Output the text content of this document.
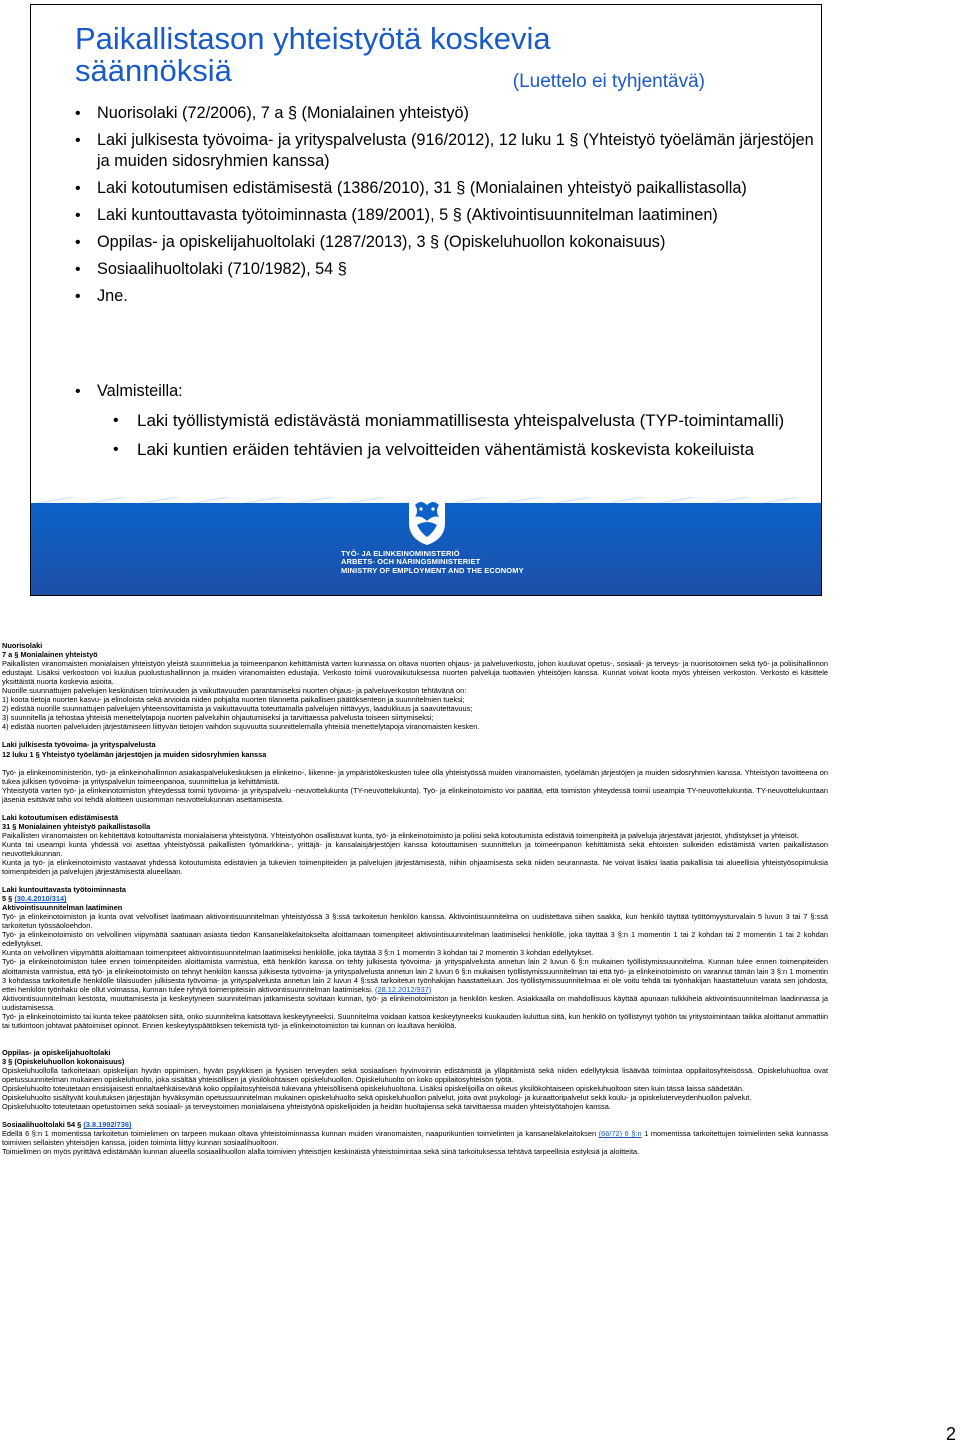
Paikallistason yhteistyötä koskevia
säännöksiä	(Luettelo ei tyhjentävä)
• Nuorisolaki (72/2006), 7 a § (Monialainen yhteistyö)
• Laki julkisesta työvoima- ja yrityspalvelusta (916/2012), 12 luku 1 § (Yhteistyö työelämän järjestöjen ja muiden sidosryhmien kanssa)
• Laki kotoutumisen edistämisestä (1386/2010), 31 § (Monialainen yhteistyö paikallistasolla)
• Laki kuntouttavasta työtoiminnasta (189/2001), 5 § (Aktivointisuunnitelman laatiminen)
• Oppilas- ja opiskelijahuoltolaki (1287/2013), 3 § (Opiskeluhuollon kokonaisuus)
• Sosiaalihuoltolaki (710/1982), 54 §
• Jne.
• Valmisteilla:
• Laki työllistymistä edistävästä moniammatillisesta yhteispalvelusta (TYP-toimintamalli)
• Laki kuntien eräiden tehtävien ja velvoitteiden vähentämistä koskevista kokeiluista
TYÖ- JA ELINKEINOMINISTERIÖ
ARBETS- OCH NÄRINGSMINISTERIET
MINISTRY OF EMPLOYMENT AND THE ECONOMY

Nuorisolaki

7 a § Monialainen yhteistyö

Paikallisten viranomaisten monialaisen yhteistyön yleistä suunnittelua ja toimeenpanon kehittämistä varten kunnassa on oltava nuorten ohjaus- ja palveluverkosto, johon kuuluvat opetus-, sosiaali- ja terveys- ja nuorisotoimen sekä työ- ja poliisihallinnon edustajat. Lisäksi verkostoon voi kuulua puolustushallinnon ja muiden viranomaisten edustajia. Verkosto toimii vuorovaikutuksessa nuorten palveluja tuottavien yhteisöjen kanssa. Kunnat voivat koota myös yhteisen verkoston. Verkosto ei käsittele yksittäistä nuorta koskevia asioita.

Nuorille suunnattujen palvelujen keskinäisen toimivuuden ja vaikuttavuuden parantamiseksi nuorten ohjaus- ja palveluverkoston tehtävänä on:

1) koota tietoja nuorten kasvu- ja elinoloista sekä arvioida niiden pohjalta nuorten tilannetta paikallisen päätöksenteon ja suunnitelmien tueksi;

2) edistää nuorille suunnattujen palvelujen yhteensovittamista ja vaikuttavuutta toteuttamalla palvelujen riittävyys, laadukkuus ja saavutettavuus;

3) suunnitella ja tehostaa yhteisiä menettelytapoja nuorten palveluihin ohjautumiseksi ja tarvittaessa palvelusta toiseen siirtymiseksi;

4) edistää nuorten palveluiden järjestämiseen liittyvän tietojen vaihdon sujuvuutta suunnittelemalla yhteisiä menettelytapoja viranomaisten kesken.

Laki julkisesta työvoima- ja yrityspalvelusta

12 luku 1 § Yhteistyö työelämän järjestöjen ja muiden sidosryhmien kanssa

Työ- ja elinkeinoministeriön, työ- ja elinkeinohallinnon asiakaspalvelukeskuksen ja elinkeino-, liikenne- ja ympäristökeskusten tulee olla yhteistyössä muiden viranomaisten, työelämän järjestöjen ja muiden sidosryhmien kanssa. Yhteistyön tavoitteena on tukea julkisen työvoima- ja yrityspalvelun toimeenpanoa, suunnittelua ja kehittämistä.

Yhteistyötä varten työ- ja elinkeinotoimiston yhteydessä toimii työvoima- ja yrityspalvelu -neuvottelukunta (TY-neuvottelukunta). Työ- ja elinkeinotoimisto voi päättää, että toimiston yhteydessä toimii useampia TY-neuvottelukuntia. TY-neuvottelukuntaan jäseniä esittävät taho voi tehdä aloitteen uusiomman neuvottelukunnan asettamisesta.

Laki kotoutumisen edistämisestä

31 § Monialainen yhteistyö paikallistasolla

Paikallisten viranomaisten on kehitettävä kotouttamista monialaisena yhteistyönä. Yhteistyöhön osallistuvat kunta, työ- ja elinkeinotoimisto ja poliisi sekä kotoutumista edistäviä toimenpiteitä ja palveluja järjestävät järjestöt, yhdistykset ja yhteisöt.

Kunta tai useampi kunta yhdessä voi asettaa yhteistyössä paikallisten työmarkkina-, yrittäjä- ja kansalaisjärjestöjen kanssa kotouttamisen suunnittelun ja toimeenpanon kehittämistä sekä ehtoisten sulkeiden edistämistä varten paikallistason neuvottelukunnan.

Kunta ja työ- ja elinkeinotoimisto vastaavat yhdessä kotoutumista edistävien ja tukevien toimenpiteiden ja palvelujen järjestämisestä, niihin ohjaamisesta sekä niiden seurannasta. Ne voivat lisäksi laatia paikallisia tai alueellisia yhteistyösopimuksia toimenpiteiden ja palvelujen järjestämisestä alueellaan.

Laki kuntouttavasta työtoiminnasta

5 § (30.4.2010/314)

Aktivointisuunnitelman laatiminen

Työ- ja elinkeinotoimiston ja kunta ovat velvolliset laatimaan aktivointisuunnitelman yhteistyössä 3 §:ssä tarkoitetun henkilön kanssa. Aktivointisuunnitelma on uudistettava siihen saakka, kun henkilö täyttää työttömyysturvalain 5 luvun 3 tai 7 §:ssä tarkoitetun työssäoloehdon.

Työ- ja elinkeinotoimisto on velvollinen viipymättä saatuaan asiasta tiedon Kansaneläkelaitokselta aloittamaan toimenpiteet aktivointisuunnitelman laatimiseksi henkilölle, joka täyttää 3 §:n 1 momentin 1 tai 2 kohdan tai 2 momentin 1 tai 2 kohdan edellytykset.

Kunta on velvollinen viipymättä aloittamaan toimenpiteet aktivointisuunnitelman laatimiseksi henkilölle, joka täyttää 3 §:n 1 momentin 3 kohdan tai 2 momentin 3 kohdan edellytykset.

Työ- ja elinkeinotoimiston tulee ennen toimenpiteiden aloittamista varmistua, että henkilön kanssa on tehty julkisesta työvoima- ja yrityspalvelusta annetun lain 2 luvun 6 §:n mukainen työllistymissuunnitelma. Kunnan tulee ennen toimenpiteiden aloittamista varmistua, että työ- ja elinkeinotoimisto on tehnyt henkilön kanssa julkisesta työvoima- ja yrityspalvelusta annetun lain 2 luvun 6 §:n mukaisen työllistymissuunnitelman tai että työ- ja elinkeinotoimisto on varannut tämän lain 3 §:n 1 momentin 3 kohdassa tarkoitetulle henkilölle tilaisuuden julkisesta työvoima- ja yrityspalvelusta annetun lain 2 luvun 4 §:ssä tarkoitetun työnhakijan haastatteluun. Jos työllistymissuunnitelmaa ei ole voitu tehdä tai työnhakijan haastatteluun varata sen johdosta, ettei henkilön työnhaku ole ollut voimassa, kunnan tulee ryhtyä toimenpiteisiin aktivointisuunnitelman laatimiseksi. (28.12.2012/937)

Aktivointisuunnitelman kestosta, muuttamisesta ja keskeytyneen suunnitelman jatkamisesta sovitaan kunnan, työ- ja elinkeinotoimiston ja henkilön kesken. Asiakkaalla on mahdollisuus käyttää apunaan tulkkiheiä aktivointisuunnitelman laadinnassa ja uudistamisessa.

Työ- ja elinkeinotoimisto tai kunta tekee päätöksen siitä, onko suunnitelma katsottava keskeytyneeksi. Suunnitelma voidaan katsoa keskeytyneeksi kuukauden kuluttua siitä, kun henkilö on työllistynyt työhön tai yritystoimintaan taikka aloittanut ammattiin tai tutkintoon johtavat päätoimiset opinnot. Ennen keskeytyspäätöksen tekemistä työ- ja elinkeinotoimiston tai kunnan on kuultava henkilöä.

Oppilas- ja opiskelijahuoltolaki

3 § (Opiskeluhuollon kokonaisuus)

Opiskeluhuollolla tarkoitetaan opiskelijan hyvän oppimisen, hyvän psyykkisen ja fyysisen terveyden sekä sosiaalisen hyvinvoinnin edistämistä ja ylläpitämistä sekä niiden edellytyksiä lisäävää toimintaa oppilaitosyhteisössä. Opiskeluhuoltoa ovat opetussuunnitelman mukainen opiskeluhuolto, joka sisältää yhteisöllisen ja yksilökohtaisen opiskeluhuollon. Opiskeluhuolto on koko oppilaitosyhteisön työtä.

Opiskeluhuolto toteutetaan ensisijaisesti ennaltaehkäisevänä koko oppilaitosyhteisöä tukevana yhteisöllisenä opiskeluhuoltona. Lisäksi opiskelijoilla on oikeus yksilökohtaiseen opiskeluhuoltoon siten kuin tässä laissa säädetään.

Opiskeluhuolto sisältyvät koulutuksen järjestäjän hyväksymän opetussuunnitelman mukainen opiskeluhuolto sekä opiskeluhuollon palvelut, joita ovat psykologi- ja kuraattoripalvelut sekä koulu- ja opiskeluterveydenhuollon palvelut.

Opiskeluhuolto toteutetaan opetustoimen sekä sosiaali- ja terveystoimen monialaisena yhteistyönä opiskelijoiden ja heidän huoltajiensa sekä tarvittaessa muiden yhteistyötahojen kanssa.

Sosiaalihuoltolaki 54 § (3.8.1992/736)

Edellä 6 §:n 1 momentissa tarkoitetun toimielimen on tarpeen mukaan oltava yhteistoiminnassa kunnan muiden viranomaisten, naapurikuntien toimielinten ja kansaneläkelaitoksen (66/72) 6 §:n 1 momentissa tarkoitettujen toimielinten sekä kunnassa toimivien sellaisten yhteisöjen kanssa, joiden toiminta liittyy kunnan sosiaalihuoltoon.

Toimielimen on myös pyrittävä edistämään kunnan alueella sosiaalihuollon alalla toimivien yhteisöjen keskinäistä yhteistoimintaa sekä siinä tarkoituksessa tehtävä tarpeellisia esityksiä ja aloitteita.

2
